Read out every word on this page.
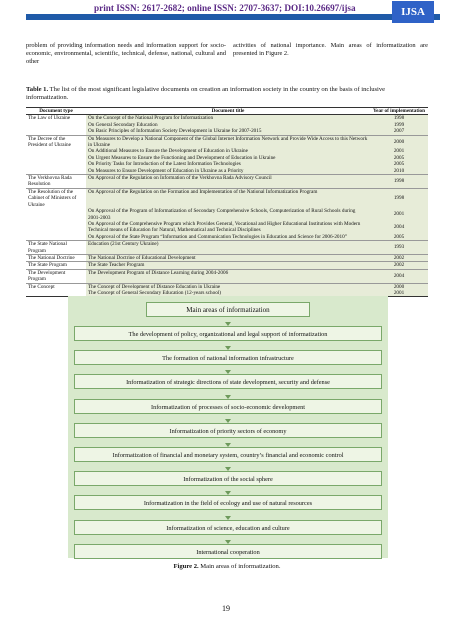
print ISSN: 2617-2682; online ISSN: 2707-3637; DOI:10.26697/ijsa	IJSA
problem of providing information needs and information support for socio-economic, environmental, scientific, technical, defense, national, cultural and other
activities of national importance. Main areas of informatization are presented in Figure 2.
Table 1. The list of the most significant legislative documents on creation an information society in the country on the basis of inclusive informatization.
Document type	Document title	Year of implementation
The Law of Ukraine	On the Concept of the National Program for Informatization	1998
	On General Secondary Education	1999
	On Basic Principles of Information Society Development in Ukraine for 2007-2015	2007
The Decree of the President of Ukraine	On Measures to Develop a National Component of the Global Internet Information Network and Provide Wide Access to this Network in Ukraine	2000
	On Additional Measures to Ensure the Development of Education in Ukraine	2001
	On Urgent Measures to Ensure the Functioning and Development of Education in Ukraine	2005
	On Priority Tasks for Introduction of the Latest Information Technologies	2005
	On Measures to Ensure Development of Education in Ukraine as a Priority	2010
The Verkhovna Rada Resolution	On Approval of the Regulation on Information of the Verkhovna Rada Advisory Council	1998
The Resolution of the Cabinet of Ministers of Ukraine	On Approval of the Regulation on the Formation and Implementation of the National Informatization Program	1998
	On Approval of the Program of Informatization of Secondary Comprehensive Schools, Computerization of Rural Schools during 2001-2003	2001
	On Approval of the Comprehensive Program which Provides General, Vocational and Higher Educational Institutions with Modern Technical means of Education for Natural, Mathematical and Technical Disciplines	2004
	On Approval of the State Program “Information and Communication Technologies in Education and Science for 2006-2010”	2005
The State National Program	Education (21st Century Ukraine)	1993
The National Doctrine	The National Doctrine of Educational Development	2002
The State Program	The State Teacher Program	2002
The Development Program	The Development Program of Distance Learning during 2004-2006	2004
The Concept	The Concept of Development of Distance Education in Ukraine	2000
	The Concept of General Secondary Education (12-years school)	2001
Main areas of informatization
The development of policy, organizational and legal support of informatization
The formation of national information infrastructure
Informatization of strategic directions of state development, security and defense
Informatization of processes of socio-economic development
Informatization of priority sectors of economy
Informatization of financial and monetary system, country’s financial and economic control
Informatization of the social sphere
Informatization in the field of ecology and use of natural resources
Informatization of science, education and culture
International cooperation
Figure 2. Main areas of informatization.
19
